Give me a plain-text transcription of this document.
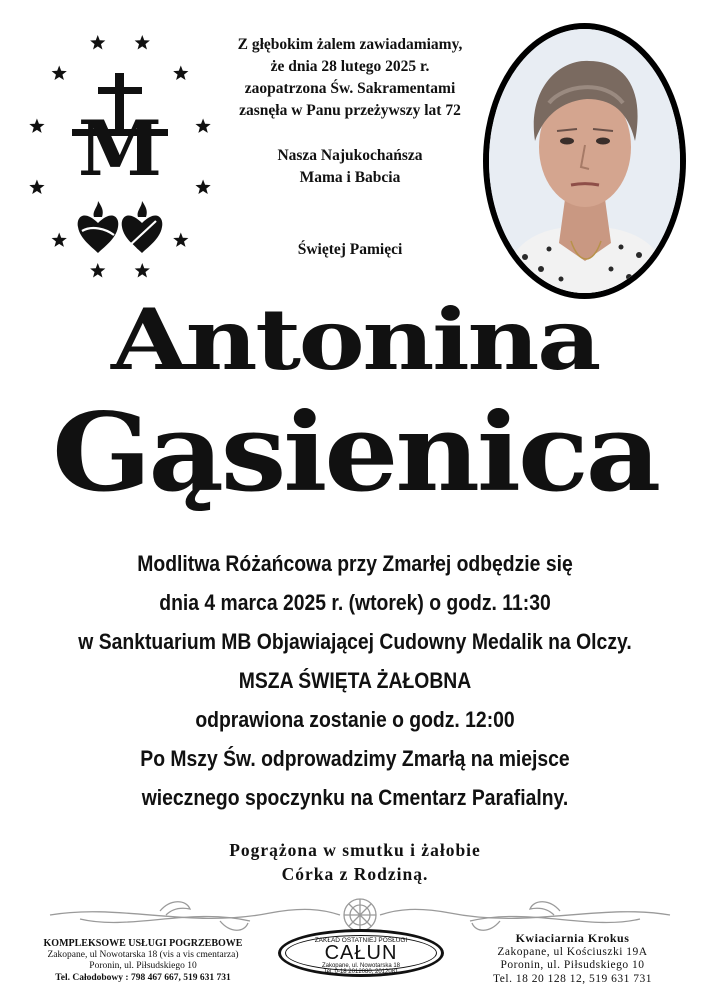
M
Z głębokim żalem zawiadamiamy,
że dnia 28 lutego 2025 r.
zaopatrzona Św. Sakramentami
zasnęła w Panu przeżywszy lat 72
Nasza Najukochańsza
Mama i Babcia
Świętej Pamięci
Antonina
Gąsienica
Modlitwa Różańcowa przy Zmarłej odbędzie się
dnia 4 marca 2025 r. (wtorek) o godz. 11:30
w Sanktuarium MB Objawiającej Cudowny Medalik na Olczy.
MSZA ŚWIĘTA ŻAŁOBNA
odprawiona zostanie o godz. 12:00
Po Mszy Św. odprowadzimy Zmarłą na miejsce
wiecznego spoczynku na Cmentarz Parafialny.
Pogrążona w smutku i żałobie
Córka z Rodziną.
KOMPLEKSOWE USŁUGI POGRZEBOWE
Zakopane, ul Nowotarska 18 (vis a vis cmentarza)
Poronin, ul. Piłsudskiego 10
Tel. Całodobowy : 798 467 667, 519 631 731
ZAKŁAD OSTATNIEJ POSŁUGI
CAŁUN
Zakopane, ul. Nowotarska 18
Tel. 0-18 2012080, 2012081
Kwiaciarnia Krokus
Zakopane, ul Kościuszki 19A
Poronin, ul. Piłsudskiego 10
Tel. 18 20 128 12, 519 631 731
